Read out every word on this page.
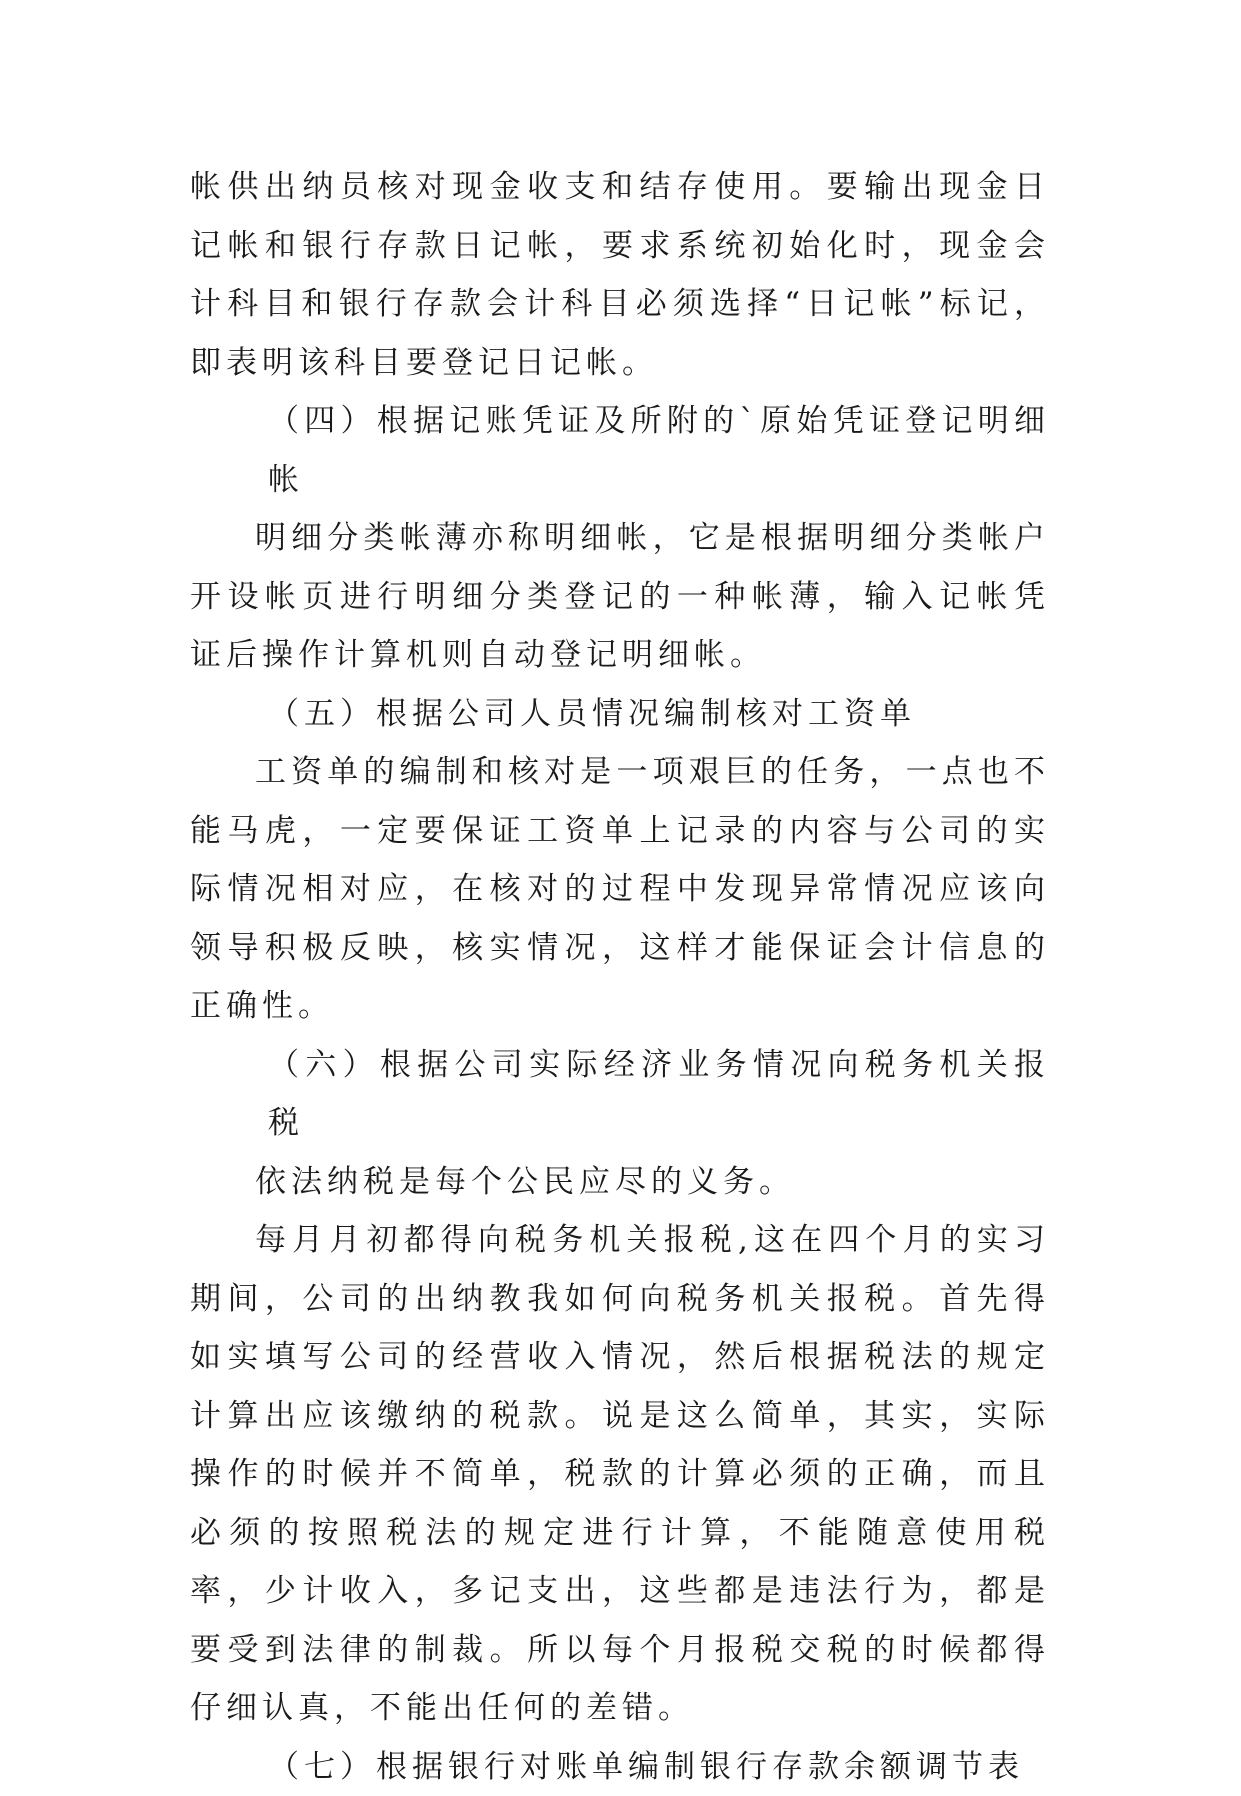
帐供出纳员核对现金收支和结存使用。要输出现金日记帐和银行存款日记帐，要求系统初始化时，现金会计科目和银行存款会计科目必须选择“日记帐”标记，即表明该科目要登记日记帐。

（四）根据记账凭证及所附的`原始凭证登记明细帐

明细分类帐薄亦称明细帐，它是根据明细分类帐户开设帐页进行明细分类登记的一种帐薄，输入记帐凭证后操作计算机则自动登记明细帐。

（五）根据公司人员情况编制核对工资单

工资单的编制和核对是一项艰巨的任务，一点也不能马虎，一定要保证工资单上记录的内容与公司的实际情况相对应，在核对的过程中发现异常情况应该向领导积极反映，核实情况，这样才能保证会计信息的正确性。

（六）根据公司实际经济业务情况向税务机关报税

依法纳税是每个公民应尽的义务。

每月月初都得向税务机关报税,这在四个月的实习期间，公司的出纳教我如何向税务机关报税。首先得如实填写公司的经营收入情况，然后根据税法的规定计算出应该缴纳的税款。说是这么简单，其实，实际操作的时候并不简单，税款的计算必须的正确，而且必须的按照税法的规定进行计算，不能随意使用税率，少计收入，多记支出，这些都是违法行为，都是要受到法律的制裁。所以每个月报税交税的时候都得仔细认真，不能出任何的差错。

（七）根据银行对账单编制银行存款余额调节表
